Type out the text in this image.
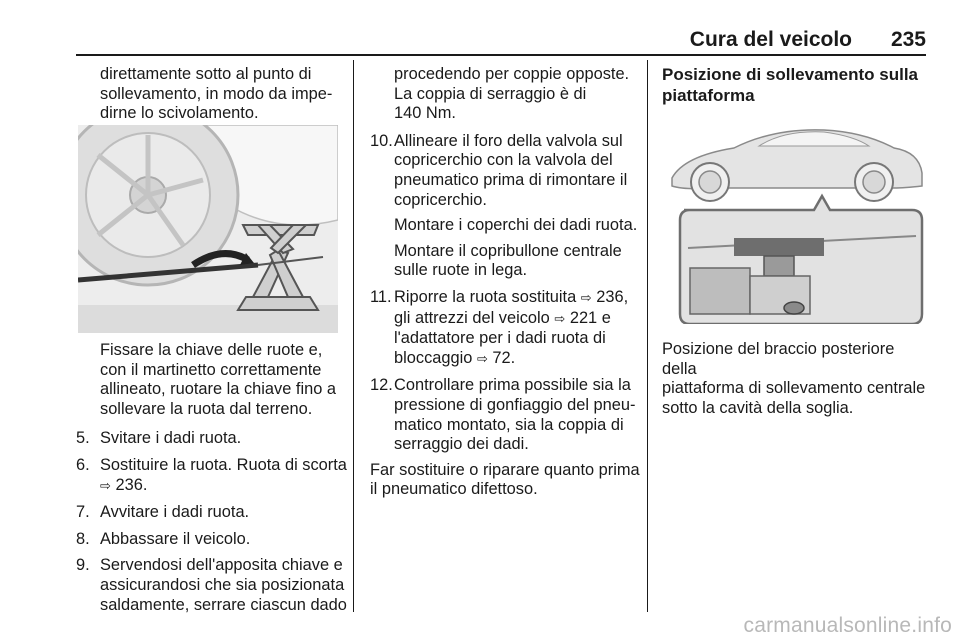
Cura del veicolo 235

direttamente sotto al punto di
sollevamento, in modo da impe-
dirne lo scivolamento.

Fissare la chiave delle ruote e,
con il martinetto correttamente
allineato, ruotare la chiave fino a
sollevare la ruota dal terreno.

5. Svitare i dadi ruota.
6. Sostituire la ruota. Ruota di scorta
⇨ 236.
7. Avvitare i dadi ruota.
8. Abbassare il veicolo.
9. Servendosi dell'apposita chiave e
assicurandosi che sia posizionata
saldamente, serrare ciascun dado

procedendo per coppie opposte.
La coppia di serraggio è di
140 Nm.

10. Allineare il foro della valvola sul
copricerchio con la valvola del
pneumatico prima di rimontare il
copricerchio.

Montare i coperchi dei dadi ruota.

Montare il copribullone centrale
sulle ruote in lega.

11. Riporre la ruota sostituita ⇨ 236,
gli attrezzi del veicolo ⇨ 221 e
l'adattatore per i dadi ruota di
bloccaggio ⇨ 72.
12. Controllare prima possibile sia la
pressione di gonfiaggio del pneu-
matico montato, sia la coppia di
serraggio dei dadi.

Far sostituire o riparare quanto prima
il pneumatico difettoso.

Posizione di sollevamento sulla
piattaforma

Posizione del braccio posteriore della
piattaforma di sollevamento centrale
sotto la cavità della soglia.

carmanualsonline.info
